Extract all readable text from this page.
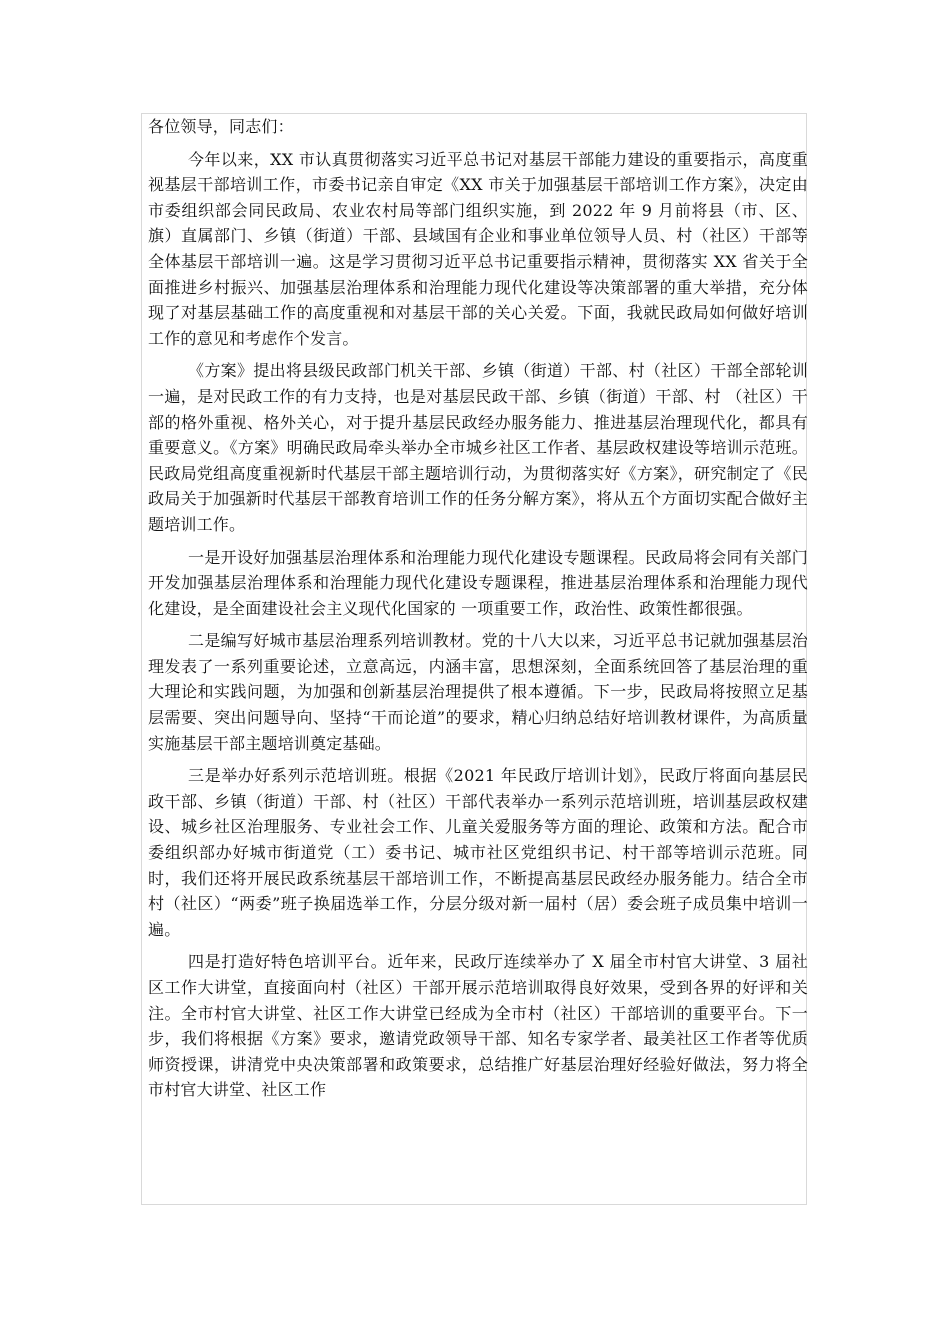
各位领导，同志们：

今年以来，XX 市认真贯彻落实习近平总书记对基层干部能力建设的重要指示，高度重视基层干部培训工作，市委书记亲自审定《XX 市关于加强基层干部培训工作方案》，决定由市委组织部会同民政局、农业农村局等部门组织实施，到 2022 年 9 月前将县（市、区、旗）直属部门、乡镇（街道）干部、县域国有企业和事业单位领导人员、村（社区）干部等全体基层干部培训一遍。这是学习贯彻习近平总书记重要指示精神，贯彻落实 XX 省关于全面推进乡村振兴、加强基层治理体系和治理能力现代化建设等决策部署的重大举措，充分体现了对基层基础工作的高度重视和对基层干部的关心关爱。下面，我就民政局如何做好培训工作的意见和考虑作个发言。

《方案》提出将县级民政部门机关干部、乡镇（街道）干部、村（社区）干部全部轮训一遍，是对民政工作的有力支持，也是对基层民政干部、乡镇（街道）干部、村 （社区）干部的格外重视、格外关心，对于提升基层民政经办服务能力、推进基层治理现代化，都具有重要意义。《方案》明确民政局牵头举办全市城乡社区工作者、基层政权建设等培训示范班。民政局党组高度重视新时代基层干部主题培训行动，为贯彻落实好《方案》，研究制定了《民政局关于加强新时代基层干部教育培训工作的任务分解方案》，将从五个方面切实配合做好主题培训工作。

一是开设好加强基层治理体系和治理能力现代化建设专题课程。民政局将会同有关部门开发加强基层治理体系和治理能力现代化建设专题课程，推进基层治理体系和治理能力现代化建设，是全面建设社会主义现代化国家的 一项重要工作，政治性、政策性都很强。

二是编写好城市基层治理系列培训教材。党的十八大以来，习近平总书记就加强基层治理发表了一系列重要论述，立意高远，内涵丰富，思想深刻，全面系统回答了基层治理的重大理论和实践问题，为加强和创新基层治理提供了根本遵循。下一步，民政局将按照立足基层需要、突出问题导向、坚持“干而论道”的要求，精心归纳总结好培训教材课件，为高质量实施基层干部主题培训奠定基础。

三是举办好系列示范培训班。根据《2021 年民政厅培训计划》，民政厅将面向基层民政干部、乡镇（街道）干部、村（社区）干部代表举办一系列示范培训班，培训基层政权建设、城乡社区治理服务、专业社会工作、儿童关爱服务等方面的理论、政策和方法。配合市委组织部办好城市街道党（工）委书记、城市社区党组织书记、村干部等培训示范班。同时，我们还将开展民政系统基层干部培训工作，不断提高基层民政经办服务能力。结合全市村（社区）“两委”班子换届选举工作，分层分级对新一届村（居）委会班子成员集中培训一遍。

四是打造好特色培训平台。近年来，民政厅连续举办了 X 届全市村官大讲堂、3 届社区工作大讲堂，直接面向村（社区）干部开展示范培训取得良好效果，受到各界的好评和关注。全市村官大讲堂、社区工作大讲堂已经成为全市村（社区）干部培训的重要平台。下一步，我们将根据《方案》要求，邀请党政领导干部、知名专家学者、最美社区工作者等优质师资授课，讲清党中央决策部署和政策要求，总结推广好基层治理好经验好做法，努力将全市村官大讲堂、社区工作
